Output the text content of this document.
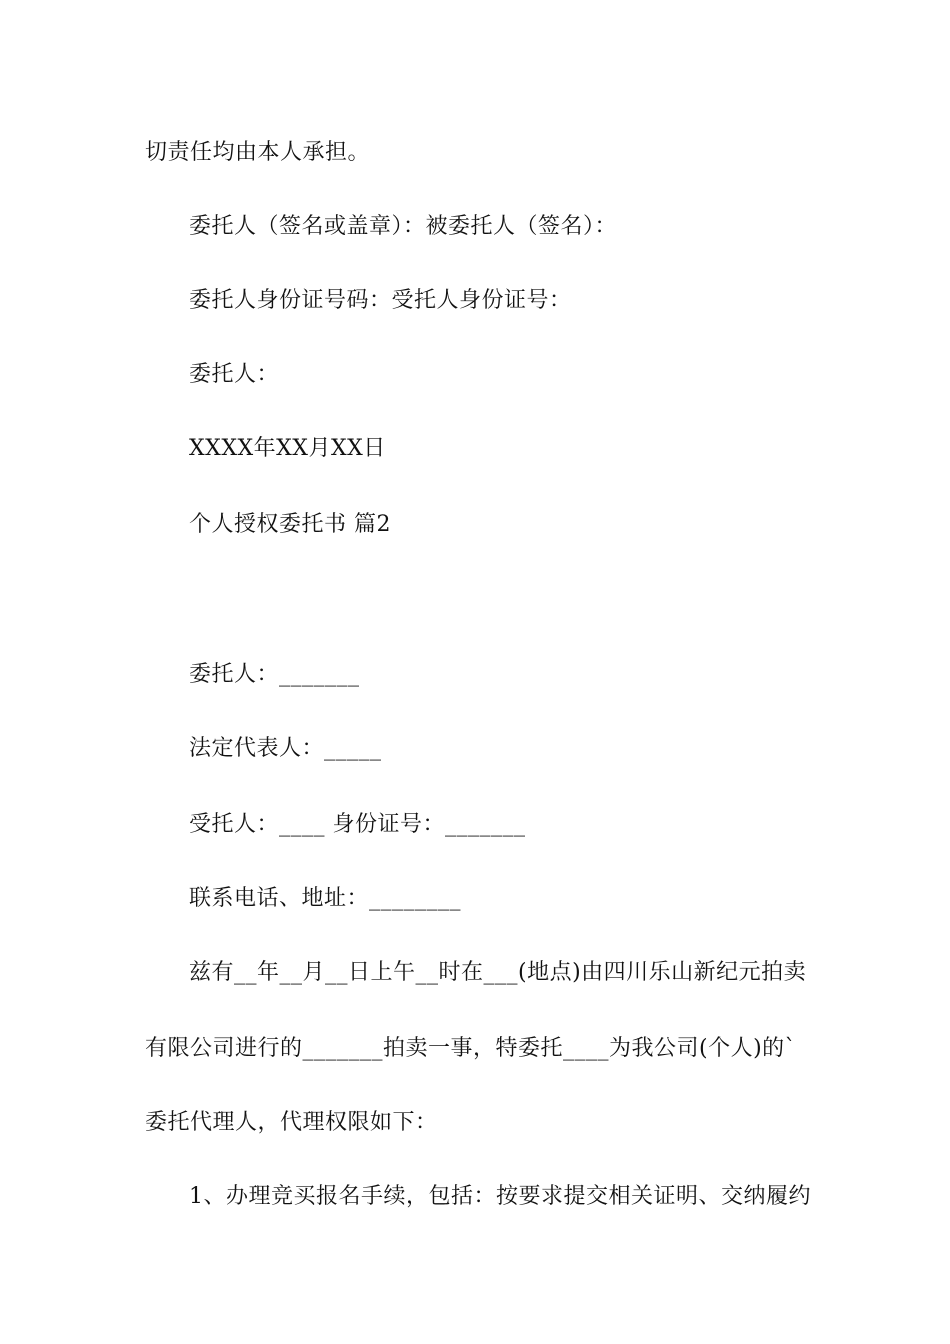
切责任均由本人承担。
委托人（签名或盖章）：被委托人（签名）：
委托人身份证号码：受托人身份证号：
委托人：
XXXX年XX月XX日
个人授权委托书 篇2
委托人：_______
法定代表人：_____
受托人：____ 身份证号：_______
联系电话、地址：________
兹有__年__月__日上午__时在___(地点)由四川乐山新纪元拍卖
有限公司进行的_______拍卖一事，特委托____为我公司(个人)的`
委托代理人，代理权限如下：
1、办理竞买报名手续，包括：按要求提交相关证明、交纳履约
